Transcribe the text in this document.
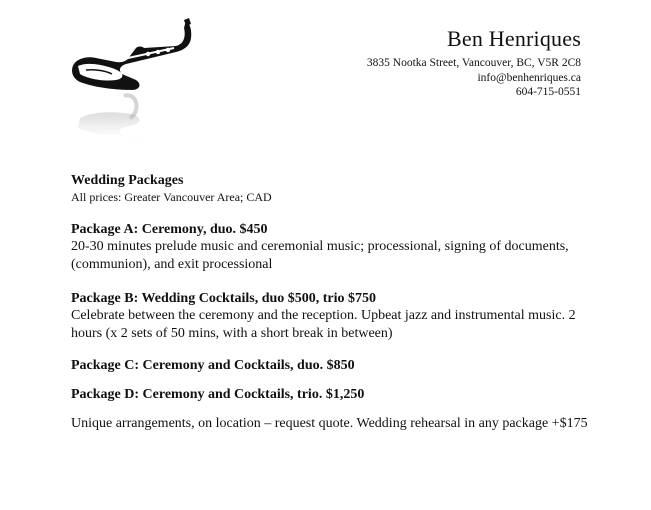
Ben Henriques
3835 Nootka Street, Vancouver, BC, V5R 2C8
info@benhenriques.ca
604-715-0551
Wedding Packages
All prices: Greater Vancouver Area; CAD
Package A: Ceremony, duo. $450
20-30 minutes prelude music and ceremonial music; processional, signing of documents, (communion), and exit processional
Package B: Wedding Cocktails, duo $500, trio $750
Celebrate between the ceremony and the reception. Upbeat jazz and instrumental music. 2 hours (x 2 sets of 50 mins, with a short break in between)
Package C: Ceremony and Cocktails, duo. $850
Package D: Ceremony and Cocktails, trio. $1,250
Unique arrangements, on location – request quote. Wedding rehearsal in any package +$175
